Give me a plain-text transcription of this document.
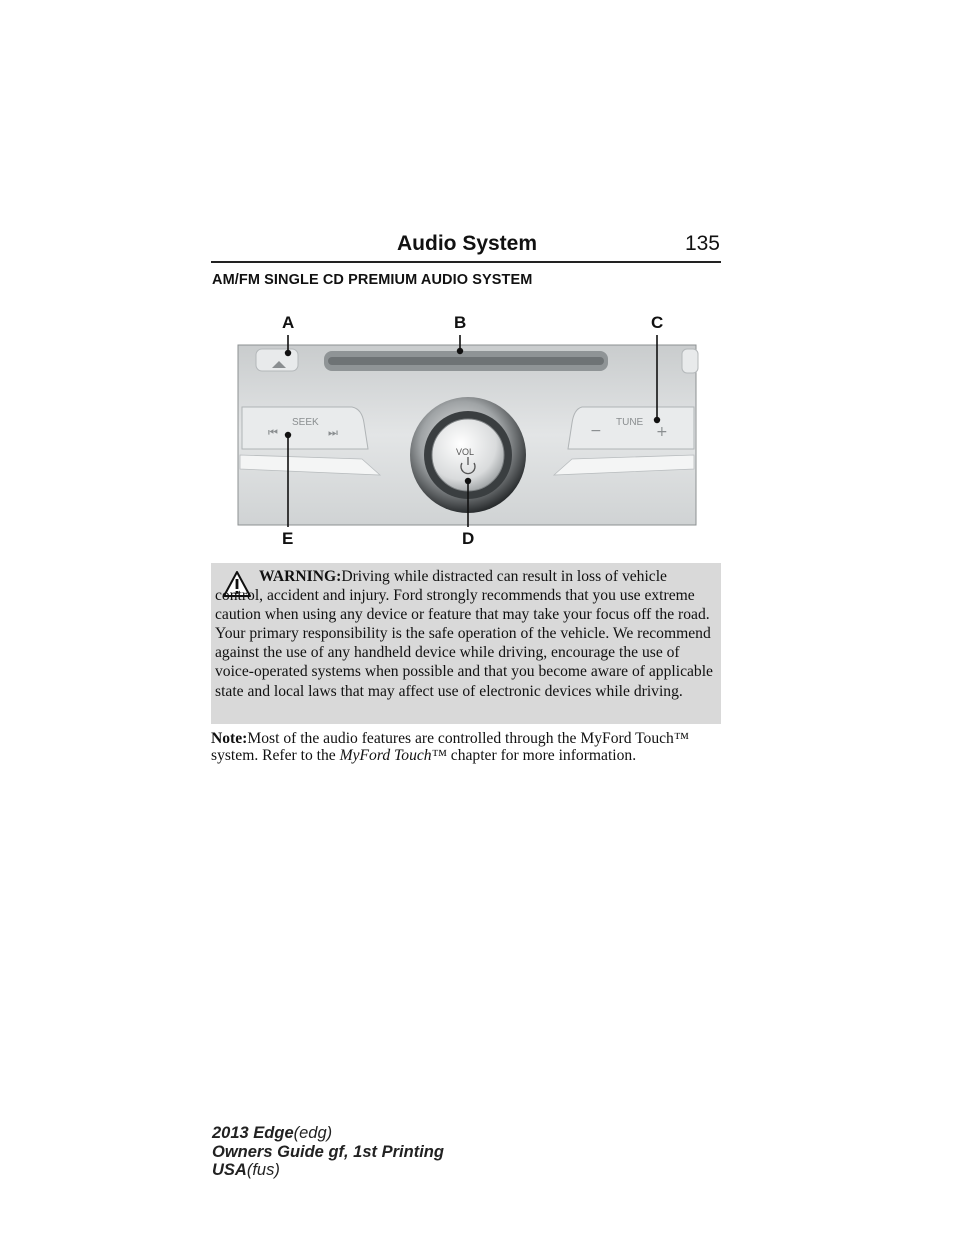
Audio System	135
AM/FM SINGLE CD PREMIUM AUDIO SYSTEM
A	B	C
E	D
SEEK
⏮	⏭
TUNE
−	+
VOL
WARNING:Driving while distracted can result in loss of vehicle control, accident and injury. Ford strongly recommends that you use extreme caution when using any device or feature that may take your focus off the road. Your primary responsibility is the safe operation of the vehicle. We recommend against the use of any handheld device while driving, encourage the use of voice-operated systems when possible and that you become aware of applicable state and local laws that may affect use of electronic devices while driving.
Note:Most of the audio features are controlled through the MyFord Touch™ system. Refer to the MyFord Touch™ chapter for more information.
2013 Edge(edg)
Owners Guide gf, 1st Printing
USA(fus)
